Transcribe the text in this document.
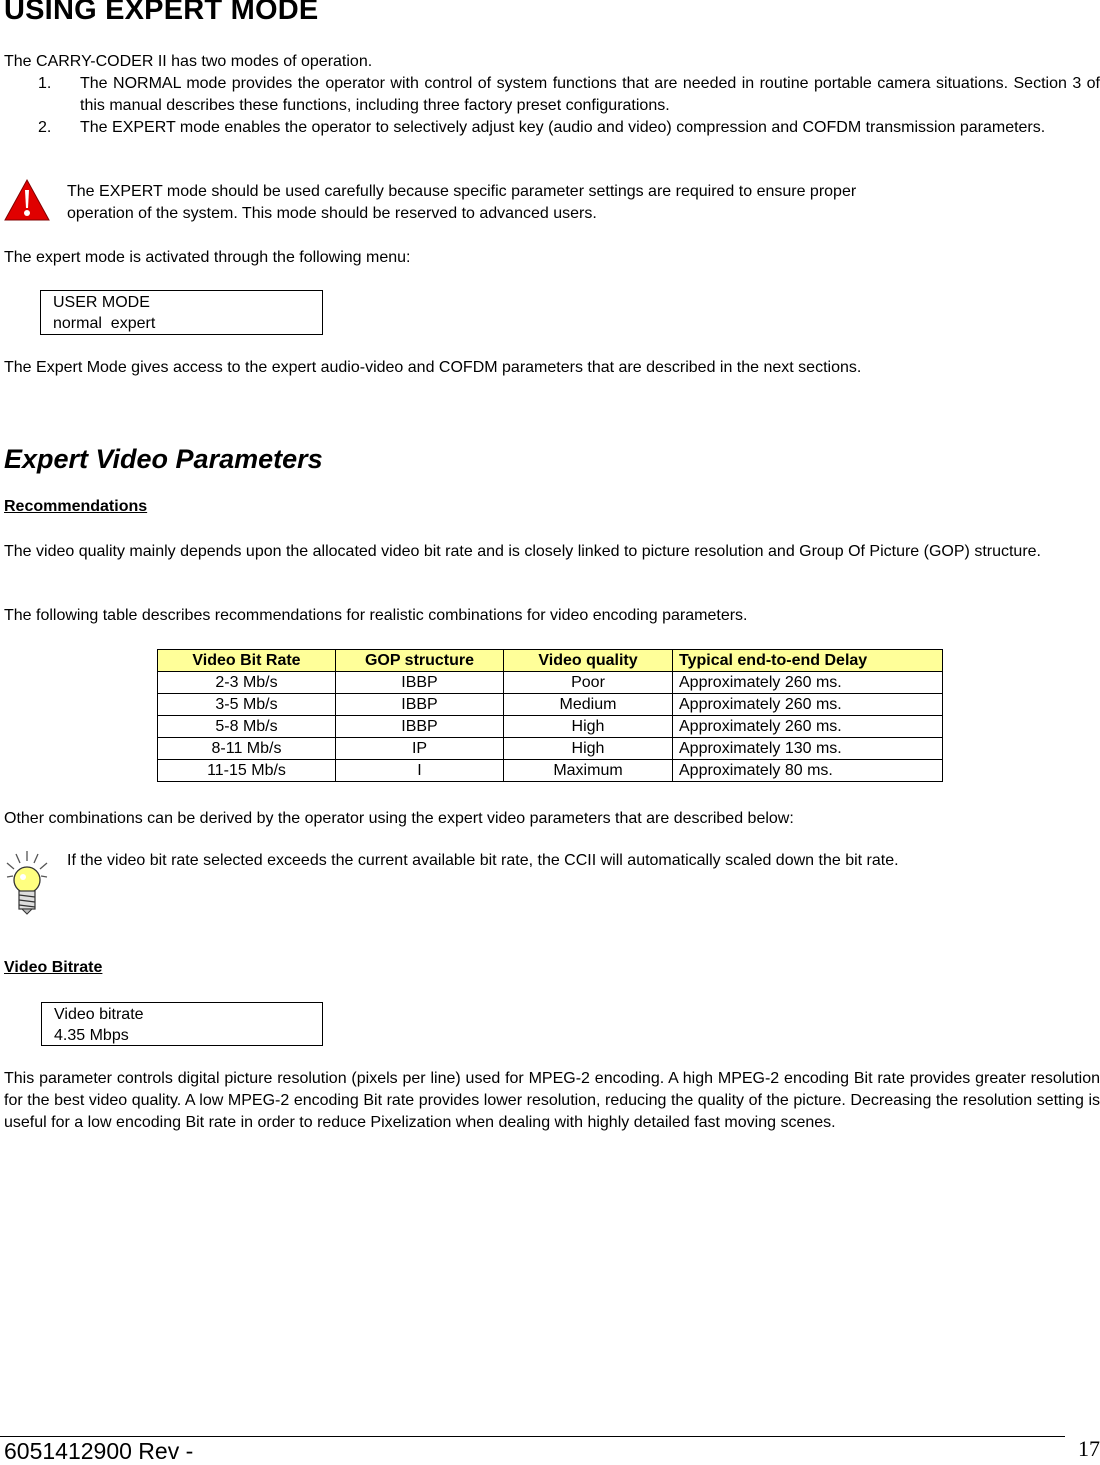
USING EXPERT MODE
The CARRY-CODER II has two modes of operation.
1. The NORMAL mode provides the operator with control of system functions that are needed in routine portable camera situations. Section 3 of this manual describes these functions, including three factory preset configurations.
2. The EXPERT mode enables the operator to selectively adjust key (audio and video) compression and COFDM transmission parameters.
The EXPERT mode should be used carefully because specific parameter settings are required to ensure proper
operation of the system. This mode should be reserved to advanced users.
The expert mode is activated through the following menu:
USER MODE
normal  expert
The Expert Mode gives access to the expert audio-video and COFDM parameters that are described in the next sections.
Expert Video Parameters
Recommendations
The video quality mainly depends upon the allocated video bit rate and is closely linked to picture resolution and Group Of Picture (GOP) structure.
The following table describes recommendations for realistic combinations for video encoding parameters.
Video Bit Rate	GOP structure	Video quality	Typical end-to-end Delay
2-3 Mb/s	IBBP	Poor	Approximately 260 ms.
3-5 Mb/s	IBBP	Medium	Approximately 260 ms.
5-8 Mb/s	IBBP	High	Approximately 260 ms.
8-11 Mb/s	IP	High	Approximately 130 ms.
11-15 Mb/s	I	Maximum	Approximately 80 ms.
Other combinations can be derived by the operator using the expert video parameters that are described below:
If the video bit rate selected exceeds the current available bit rate, the CCII will automatically scaled down the bit rate.
Video Bitrate
Video bitrate
4.35 Mbps
This parameter controls digital picture resolution (pixels per line) used for MPEG-2 encoding. A high MPEG-2 encoding Bit rate provides greater resolution for the best video quality. A low MPEG-2 encoding Bit rate provides lower resolution, reducing the quality of the picture. Decreasing the resolution setting is useful for a low encoding Bit rate in order to reduce Pixelization when dealing with highly detailed fast moving scenes.
6051412900 Rev -	17
